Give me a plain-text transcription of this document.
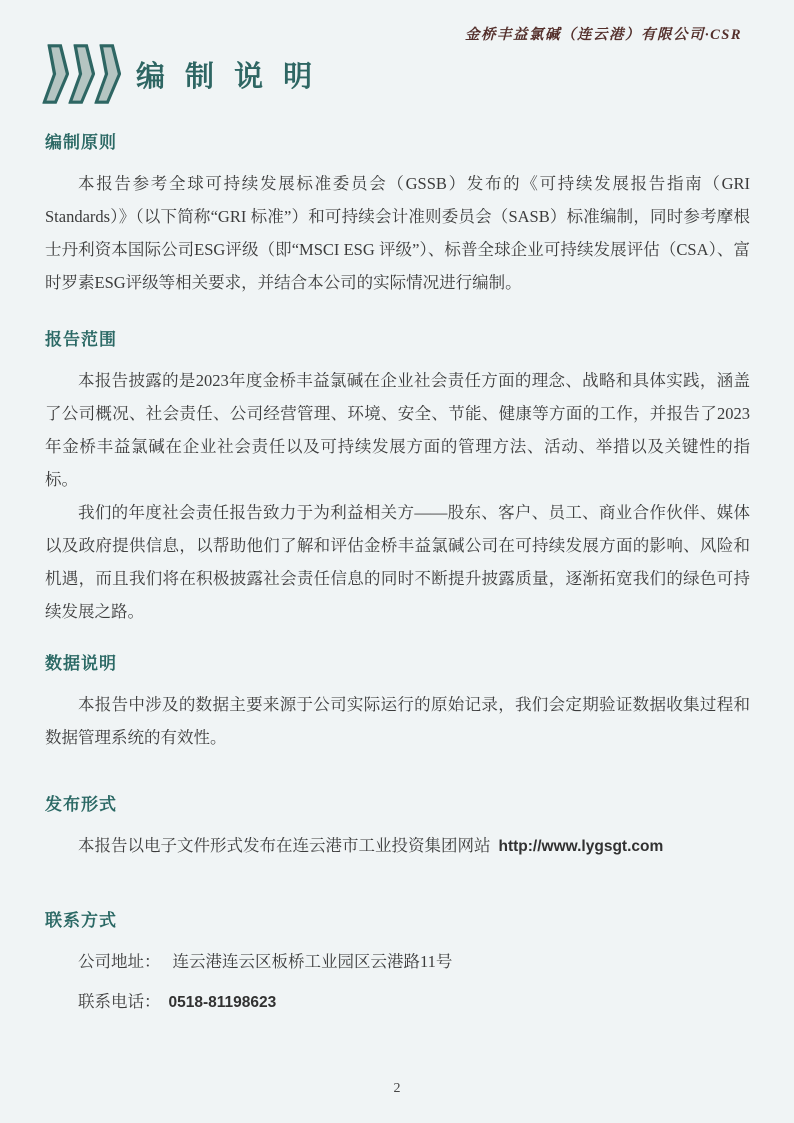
金桥丰益氯碱（连云港）有限公司·CSR
编 制 说 明
编制原则

本报告参考全球可持续发展标准委员会（GSSB）发布的《可持续发展报告指南（GRI Standards）》（以下简称“GRI 标准”）和可持续会计准则委员会（SASB）标准编制，同时参考摩根士丹利资本国际公司ESG评级（即“MSCI ESG 评级”）、标普全球企业可持续发展评估（CSA）、富时罗素ESG评级等相关要求，并结合本公司的实际情况进行编制。

报告范围

本报告披露的是2023年度金桥丰益氯碱在企业社会责任方面的理念、战略和具体实践，涵盖了公司概况、社会责任、公司经营管理、环境、安全、节能、健康等方面的工作，并报告了2023 年金桥丰益氯碱在企业社会责任以及可持续发展方面的管理方法、活动、举措以及关键性的指标。

我们的年度社会责任报告致力于为利益相关方——股东、客户、员工、商业合作伙伴、媒体以及政府提供信息，以帮助他们了解和评估金桥丰益氯碱公司在可持续发展方面的影响、风险和机遇，而且我们将在积极披露社会责任信息的同时不断提升披露质量，逐渐拓宽我们的绿色可持续发展之路。

数据说明

本报告中涉及的数据主要来源于公司实际运行的原始记录，我们会定期验证数据收集过程和数据管理系统的有效性。

发布形式

本报告以电子文件形式发布在连云港市工业投资集团网站 http://www.lygsgt.com

联系方式

公司地址： 连云港连云区板桥工业园区云港路11号

联系电话： 0518-81198623

2
